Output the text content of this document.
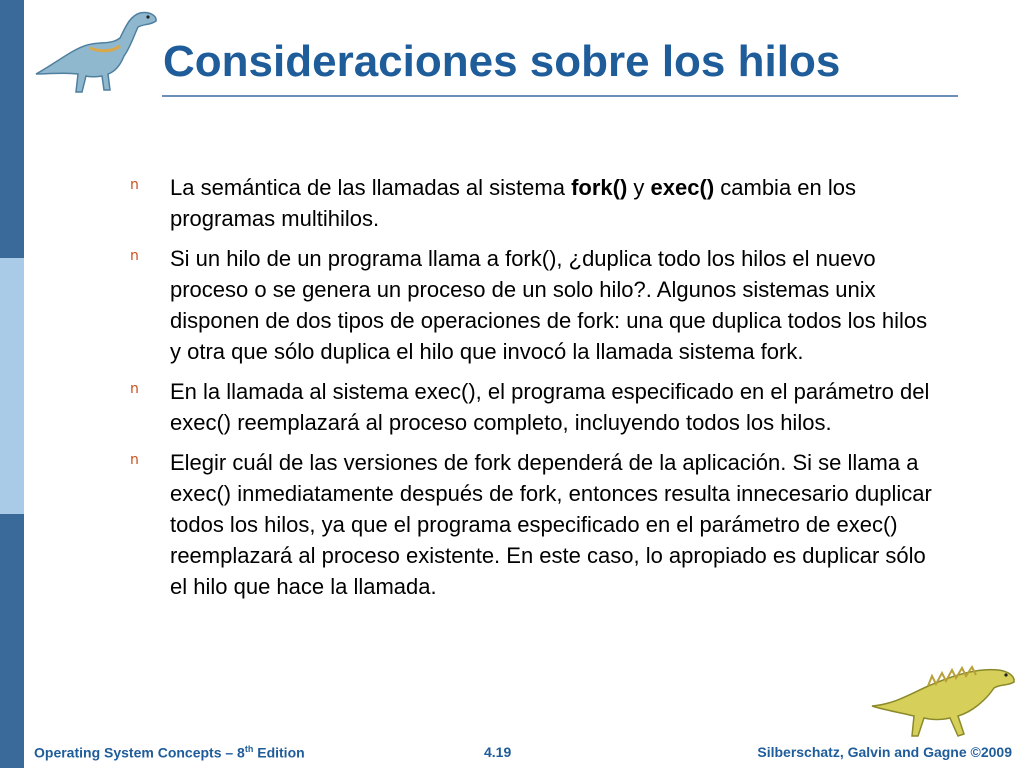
Consideraciones sobre los hilos
n La semántica de las llamadas al sistema fork() y exec() cambia en los programas multihilos.
n Si un hilo de un programa llama a fork(), ¿duplica todo los hilos el nuevo proceso o se genera un proceso de un solo hilo?. Algunos sistemas unix disponen de dos tipos de operaciones de fork: una que duplica todos los hilos y otra que sólo duplica el hilo que invocó la llamada sistema fork.
n En la llamada al sistema exec(), el programa especificado en el parámetro del exec() reemplazará al proceso completo, incluyendo todos los hilos.
n Elegir cuál de las versiones de fork dependerá de la aplicación. Si se llama a exec() inmediatamente después de fork, entonces resulta innecesario duplicar todos los hilos, ya que el programa especificado en el parámetro de exec() reemplazará al proceso existente. En este caso, lo apropiado es duplicar sólo el hilo que hace la llamada.
Operating System Concepts – 8th Edition	4.19	Silberschatz, Galvin and Gagne ©2009
